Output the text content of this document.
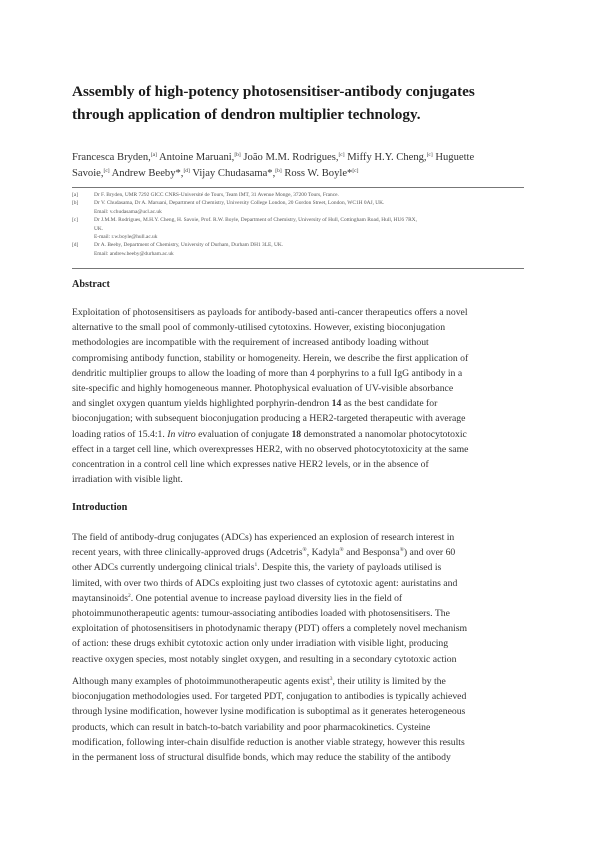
Assembly of high-potency photosensitiser-antibody conjugates
through application of dendron multiplier technology.
Francesca Bryden,[a] Antoine Maruani,[b] João M.M. Rodrigues,[c] Miffy H.Y. Cheng,[c] Huguette
Savoie,[c] Andrew Beeby*,[d] Vijay Chudasama*,[b] Ross W. Boyle*[c]
[a]	Dr F. Bryden, UMR 7292 GICC CNRS-Université de Tours, Team IMT, 31 Avenue Monge, 37200 Tours, France.
[b]	Dr V. Chudasama, Dr A. Maruani, Department of Chemistry, University College London, 20 Gordon Street, London, WC1H 0AJ, UK.
Email: v.chudasama@ucl.ac.uk
[c]	Dr J.M.M. Rodrigues, M.H.Y. Cheng, H. Savoie, Prof. R.W. Boyle, Department of Chemistry, University of Hull, Cottingham Road, Hull, HU6 7RX,
UK.
E-mail: r.w.boyle@hull.ac.uk
[d]	Dr A. Beeby, Department of Chemistry, University of Durham, Durham DH1 3LE, UK.
Email: andrew.beeby@durham.ac.uk
Abstract
Exploitation of photosensitisers as payloads for antibody-based anti-cancer therapeutics offers a novel
alternative to the small pool of commonly-utilised cytotoxins. However, existing bioconjugation
methodologies are incompatible with the requirement of increased antibody loading without
compromising antibody function, stability or homogeneity. Herein, we describe the first application of
dendritic multiplier groups to allow the loading of more than 4 porphyrins to a full IgG antibody in a
site-specific and highly homogeneous manner. Photophysical evaluation of UV-visible absorbance
and singlet oxygen quantum yields highlighted porphyrin-dendron 14 as the best candidate for
bioconjugation; with subsequent bioconjugation producing a HER2-targeted therapeutic with average
loading ratios of 15.4:1. In vitro evaluation of conjugate 18 demonstrated a nanomolar photocytotoxic
effect in a target cell line, which overexpresses HER2, with no observed photocytotoxicity at the same
concentration in a control cell line which expresses native HER2 levels, or in the absence of
irradiation with visible light.
Introduction
The field of antibody-drug conjugates (ADCs) has experienced an explosion of research interest in
recent years, with three clinically-approved drugs (Adcetris®, Kadyla® and Besponsa®) and over 60
other ADCs currently undergoing clinical trials$^1$. Despite this, the variety of payloads utilised is
limited, with over two thirds of ADCs exploiting just two classes of cytotoxic agent: auristatins and
maytansinoids$^2$. One potential avenue to increase payload diversity lies in the field of
photoimmunotherapeutic agents: tumour-associating antibodies loaded with photosensitisers. The
exploitation of photosensitisers in photodynamic therapy (PDT) offers a completely novel mechanism
of action: these drugs exhibit cytotoxic action only under irradiation with visible light, producing
reactive oxygen species, most notably singlet oxygen, and resulting in a secondary cytotoxic action
Although many examples of photoimmunotherapeutic agents exist$^3$, their utility is limited by the
bioconjugation methodologies used. For targeted PDT, conjugation to antibodies is typically achieved
through lysine modification, however lysine modification is suboptimal as it generates heterogeneous
products, which can result in batch-to-batch variability and poor pharmacokinetics. Cysteine
modification, following inter-chain disulfide reduction is another viable strategy, however this results
in the permanent loss of structural disulfide bonds, which may reduce the stability of the antibody
